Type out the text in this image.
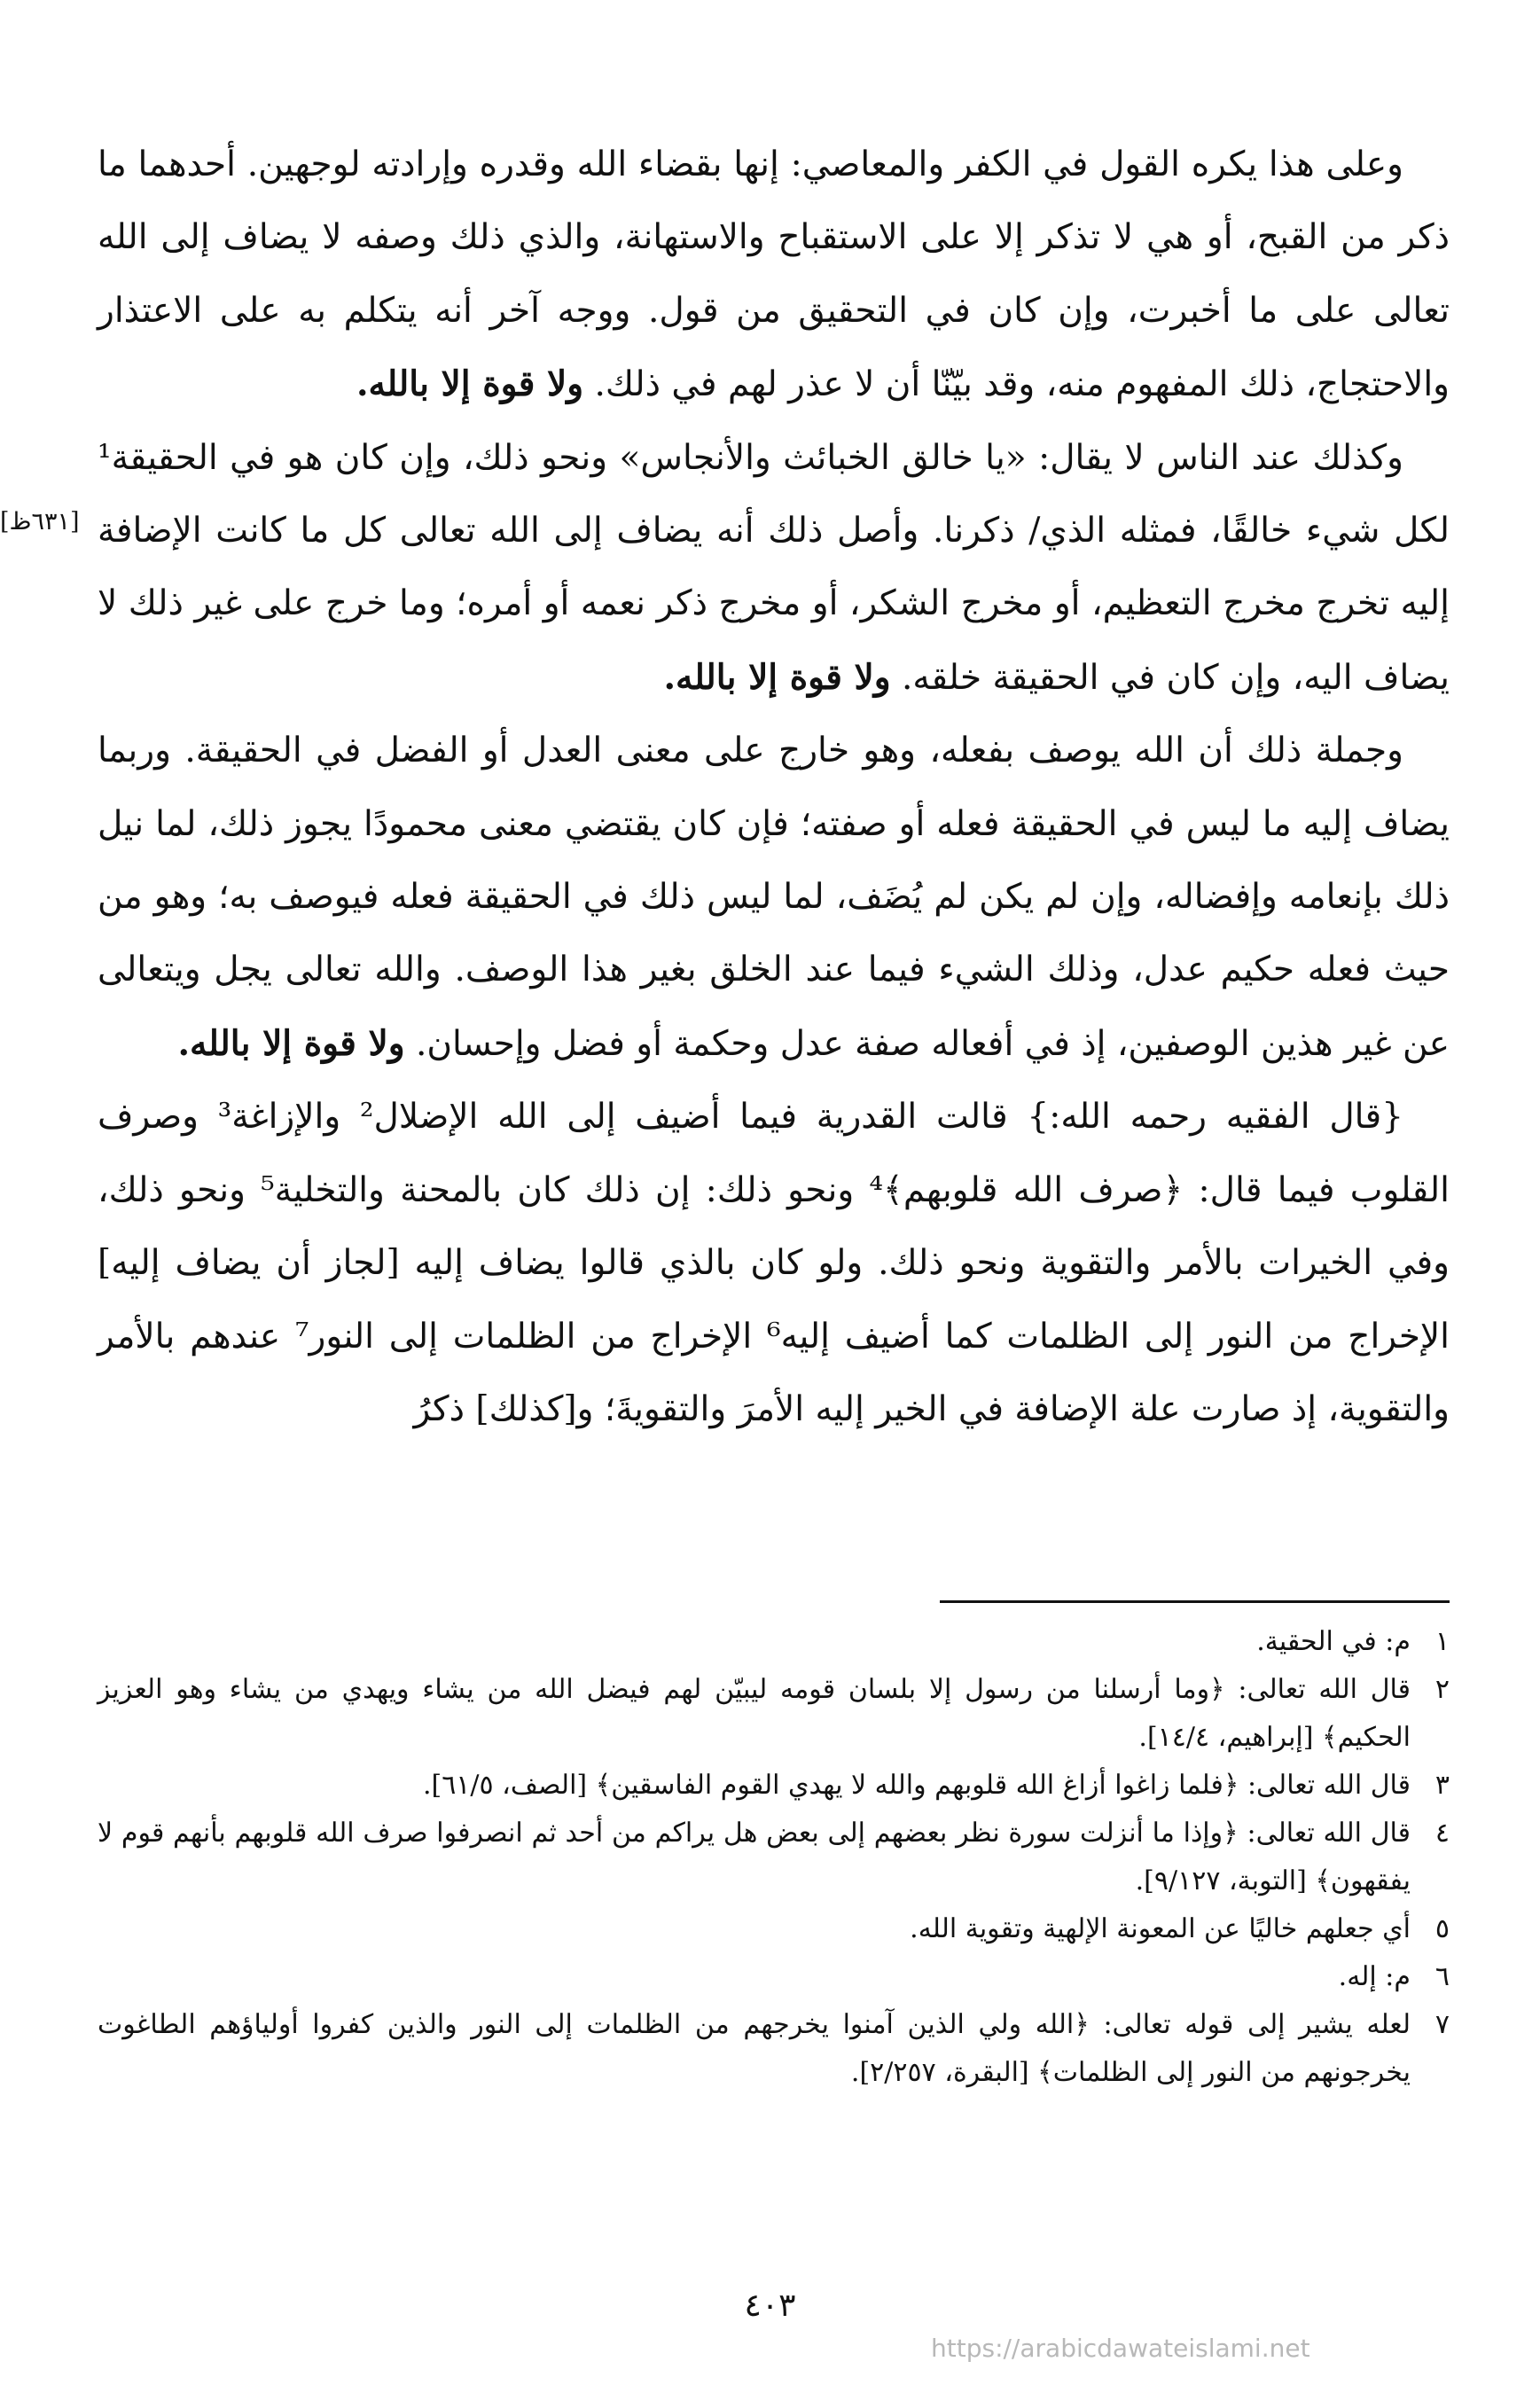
وعلى هذا يكره القول في الكفر والمعاصي: إنها بقضاء الله وقدره وإرادته لوجهين. أحدهما ما ذكر من القبح، أو هي لا تذكر إلا على الاستقباح والاستهانة، والذي ذلك وصفه لا يضاف إلى الله تعالى على ما أخبرت، وإن كان في التحقيق من قول. ووجه آخر أنه يتكلم به على الاعتذار والاحتجاج، ذلك المفهوم منه، وقد بيّنّا أن لا عذر لهم في ذلك. ولا قوة إلا بالله.

وكذلك عند الناس لا يقال: «يا خالق الخبائث والأنجاس» ونحو ذلك، وإن كان هو في الحقيقة¹ لكل شيء خالقًا، فمثله الذي/ ذكرنا. وأصل ذلك أنه يضاف إلى الله تعالى كل ما كانت الإضافة إليه تخرج مخرج التعظيم، أو مخرج الشكر، أو مخرج ذكر نعمه أو أمره؛ وما خرج على غير ذلك لا يضاف اليه، وإن كان في الحقيقة خلقه. ولا قوة إلا بالله.

وجملة ذلك أن الله يوصف بفعله، وهو خارج على معنى العدل أو الفضل في الحقيقة. وربما يضاف إليه ما ليس في الحقيقة فعله أو صفته؛ فإن كان يقتضي معنى محمودًا يجوز ذلك، لما نيل ذلك بإنعامه وإفضاله، وإن لم يكن لم يُضَف، لما ليس ذلك في الحقيقة فعله فيوصف به؛ وهو من حيث فعله حكيم عدل، وذلك الشيء فيما عند الخلق بغير هذا الوصف. والله تعالى يجل ويتعالى عن غير هذين الوصفين، إذ في أفعاله صفة عدل وحكمة أو فضل وإحسان. ولا قوة إلا بالله.

{قال الفقيه رحمه الله:} قالت القدرية فيما أضيف إلى الله الإضلال² والإزاغة³ وصرف القلوب فيما قال: ﴿صرف الله قلوبهم﴾⁴ ونحو ذلك: إن ذلك كان بالمحنة والتخلية⁵ ونحو ذلك، وفي الخيرات بالأمر والتقوية ونحو ذلك. ولو كان بالذي قالوا يضاف إليه [لجاز أن يضاف إليه] الإخراج من النور إلى الظلمات كما أضيف إليه⁶ الإخراج من الظلمات إلى النور⁷ عندهم بالأمر والتقوية، إذ صارت علة الإضافة في الخير إليه الأمرَ والتقويةَ؛ و[كذلك] ذكرُ

[٦٣١ظ]
١
م: في الحقية.
٢
قال الله تعالى: ﴿وما أرسلنا من رسول إلا بلسان قومه ليبيّن لهم فيضل الله من يشاء ويهدي من يشاء وهو العزيز الحكيم﴾ [إبراهيم، ١٤/٤].
٣
قال الله تعالى: ﴿فلما زاغوا أزاغ الله قلوبهم والله لا يهدي القوم الفاسقين﴾ [الصف، ٦١/٥].
٤
قال الله تعالى: ﴿وإذا ما أنزلت سورة نظر بعضهم إلى بعض هل يراكم من أحد ثم انصرفوا صرف الله قلوبهم بأنهم قوم لا يفقهون﴾ [التوبة، ٩/١٢٧].
٥
أي جعلهم خاليًا عن المعونة الإلهية وتقوية الله.
٦
م: إله.
٧
لعله يشير إلى قوله تعالى: ﴿الله ولي الذين آمنوا يخرجهم من الظلمات إلى النور والذين كفروا أولياؤهم الطاغوت يخرجونهم من النور إلى الظلمات﴾ [البقرة، ٢/٢٥٧].
٤٠٣
https://arabicdawateislami.net
